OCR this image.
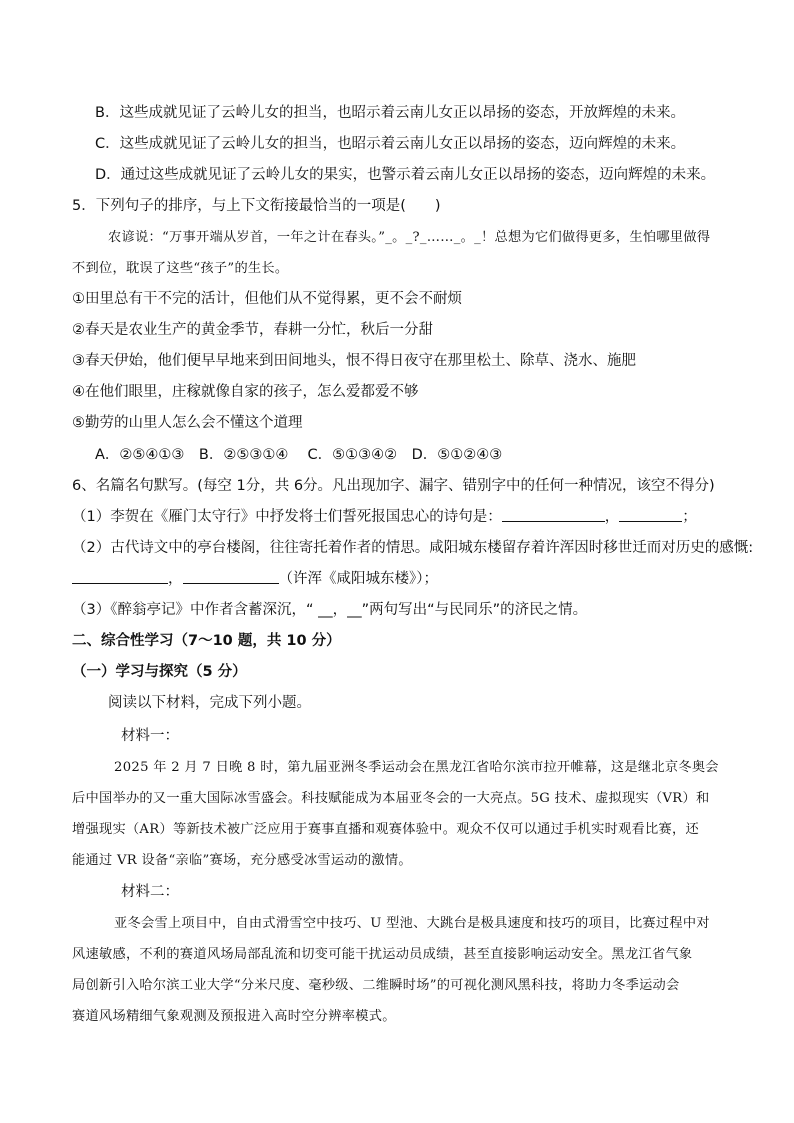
B．这些成就见证了云岭儿女的担当，也昭示着云南儿女正以昂扬的姿态，开放辉煌的未来。
C．这些成就见证了云岭儿女的担当，也昭示着云南儿女正以昂扬的姿态，迈向辉煌的未来。
D．通过这些成就见证了云岭儿女的果实，也警示着云南儿女正以昂扬的姿态，迈向辉煌的未来。
5．下列句子的排序，与上下文衔接最恰当的一项是(　　)
农谚说：“万事开端从岁首，一年之计在春头。”_。_?_……_。_！总想为它们做得更多，生怕哪里做得
不到位，耽误了这些“孩子”的生长。
①田里总有干不完的活计，但他们从不觉得累，更不会不耐烦
②春天是农业生产的黄金季节，春耕一分忙，秋后一分甜
③春天伊始，他们便早早地来到田间地头，恨不得日夜守在那里松土、除草、浇水、施肥
④在他们眼里，庄稼就像自家的孩子，怎么爱都爱不够
⑤勤劳的山里人怎么会不懂这个道理
A．②⑤④①③　B．②⑤③①④　 C．⑤①③④②　D．⑤①②④③
6、名篇名句默写。(每空 1分，共 6分。凡出现加字、漏字、错别字中的任何一种情况，该空不得分)
（1）李贺在《雁门太守行》中抒发将士们誓死报国忠心的诗句是：	，	；
（2）古代诗文中的亭台楼阁，往往寄托着作者的情思。咸阳城东楼留存着许浑因时移世迁而对历史的感慨:
，	（许浑《咸阳城东楼》）；
（3）《醉翁亭记》中作者含蓄深沉，“ __，__”两句写出“与民同乐”的济民之情。
二、综合性学习（7～10 题，共 10 分）
（一）学习与探究（5 分）
阅读以下材料，完成下列小题。
材料一：
2025 年 2 月 7 日晚 8 时，第九届亚洲冬季运动会在黑龙江省哈尔滨市拉开帷幕，这是继北京冬奥会
后中国举办的又一重大国际冰雪盛会。科技赋能成为本届亚冬会的一大亮点。5G 技术、虚拟现实（VR）和
增强现实（AR）等新技术被广泛应用于赛事直播和观赛体验中。观众不仅可以通过手机实时观看比赛，还
能通过 VR 设备“亲临”赛场，充分感受冰雪运动的激情。
材料二：
亚冬会雪上项目中，自由式滑雪空中技巧、U 型池、大跳台是极具速度和技巧的项目，比赛过程中对
风速敏感，不利的赛道风场局部乱流和切变可能干扰运动员成绩，甚至直接影响运动安全。黑龙江省气象
局创新引入哈尔滨工业大学“分米尺度、毫秒级、二维瞬时场”的可视化测风黑科技，将助力冬季运动会
赛道风场精细气象观测及预报进入高时空分辨率模式。
